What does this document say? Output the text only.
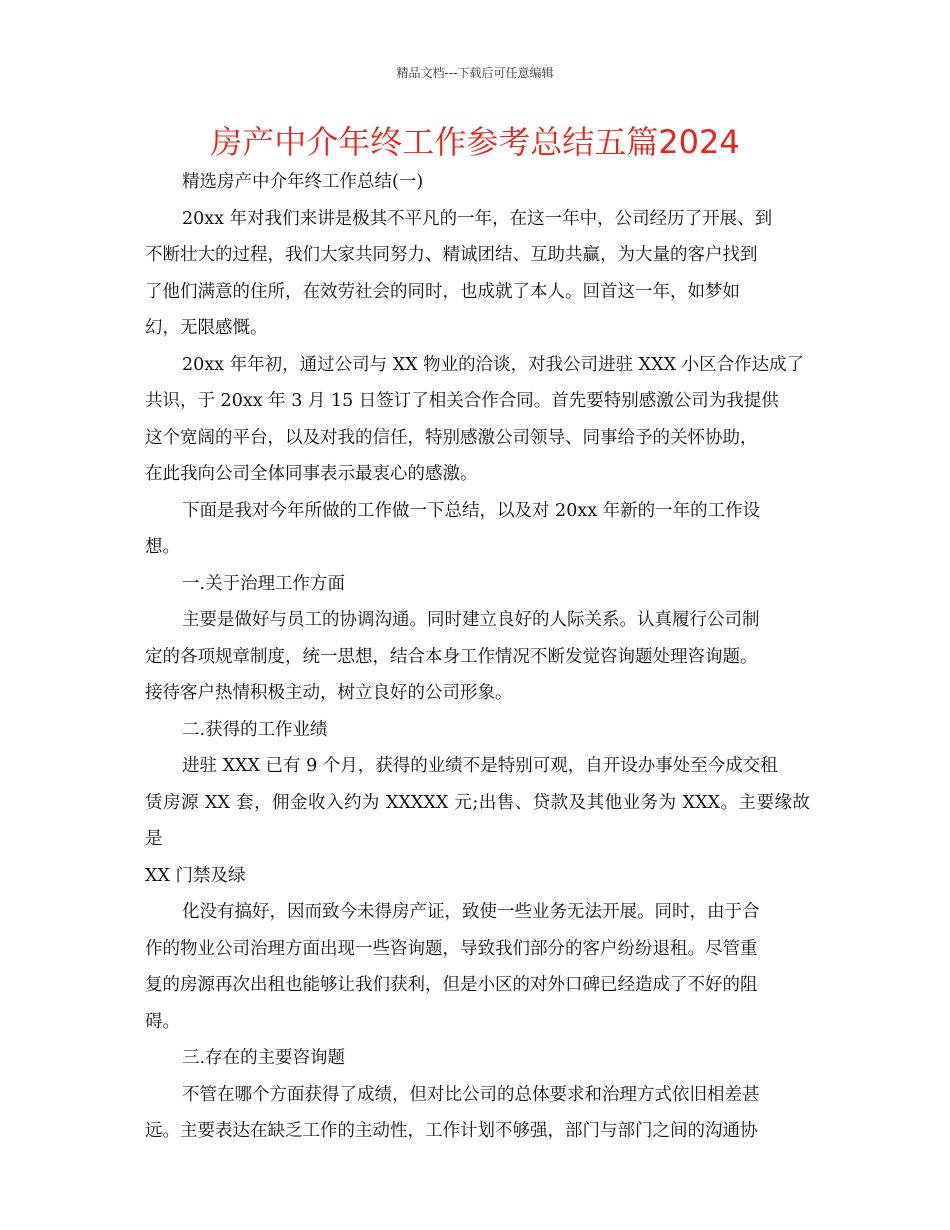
精品文档---下载后可任意编辑
房产中介年终工作参考总结五篇2024

精选房产中介年终工作总结(一)

20xx 年对我们来讲是极其不平凡的一年，在这一年中，公司经历了开展、到
不断壮大的过程，我们大家共同努力、精诚团结、互助共赢，为大量的客户找到
了他们满意的住所，在效劳社会的同时，也成就了本人。回首这一年，如梦如
幻，无限感慨。

20xx 年年初，通过公司与 XX 物业的洽谈，对我公司进驻 XXX 小区合作达成了
共识，于 20xx 年 3 月 15 日签订了相关合作合同。首先要特别感激公司为我提供
这个宽阔的平台，以及对我的信任，特别感激公司领导、同事给予的关怀协助，
在此我向公司全体同事表示最衷心的感激。

下面是我对今年所做的工作做一下总结，以及对 20xx 年新的一年的工作设
想。

一.关于治理工作方面

主要是做好与员工的协调沟通。同时建立良好的人际关系。认真履行公司制
定的各项规章制度，统一思想，结合本身工作情况不断发觉咨询题处理咨询题。
接待客户热情积极主动，树立良好的公司形象。

二.获得的工作业绩

进驻 XXX 已有 9 个月，获得的业绩不是特别可观，自开设办事处至今成交租
赁房源 XX 套，佣金收入约为 XXXXX 元;出售、贷款及其他业务为 XXX。主要缘故是
XX 门禁及绿

化没有搞好，因而致今未得房产证，致使一些业务无法开展。同时，由于合
作的物业公司治理方面出现一些咨询题，导致我们部分的客户纷纷退租。尽管重
复的房源再次出租也能够让我们获利，但是小区的对外口碑已经造成了不好的阻
碍。

三.存在的主要咨询题

不管在哪个方面获得了成绩，但对比公司的总体要求和治理方式依旧相差甚
远。主要表达在缺乏工作的主动性，工作计划不够强，部门与部门之间的沟通协
